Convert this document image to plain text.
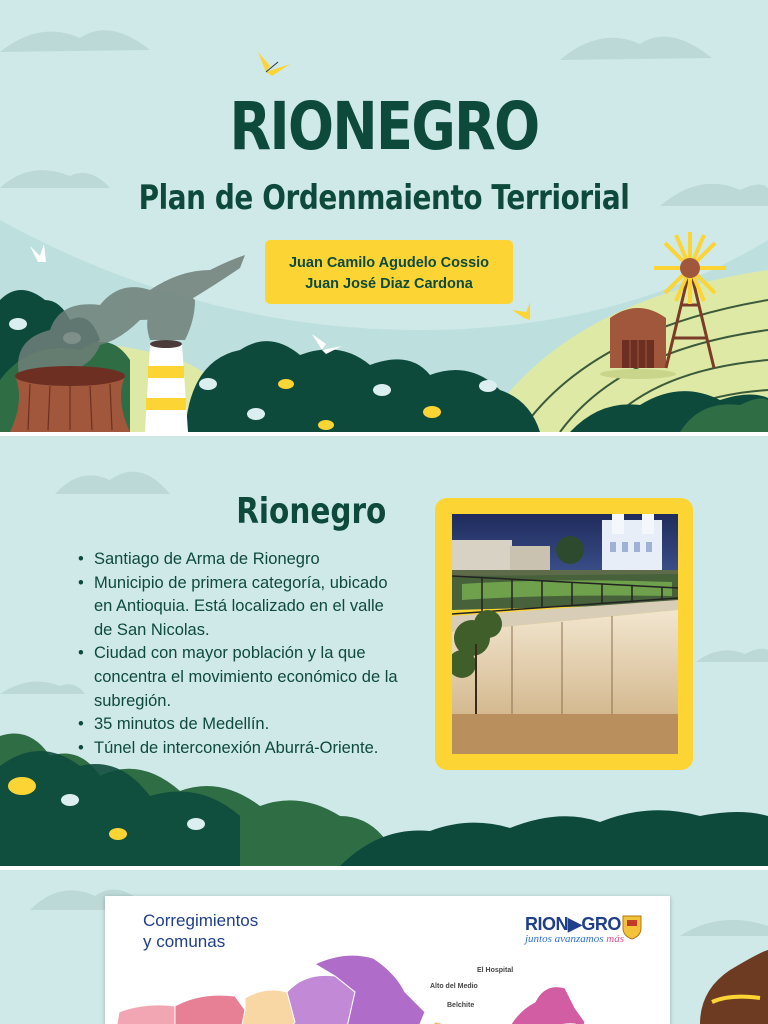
RIONEGRO
Plan de Ordenmaiento Terriorial
Juan Camilo Agudelo Cossio
Juan José Diaz Cardona
Rionegro
• Santiago de Arma de Rionegro
• Municipio de primera categoría, ubicado en Antioquia. Está localizado en el valle de San Nicolas.
• Ciudad con mayor población y la que concentra el movimiento económico de la subregión.
• 35 minutos de Medellín.
• Túnel de interconexión Aburrá-Oriente.
Corregimientos
y comunas
RION▶GRO
juntos avanzamos más
El Hospital
Alto del Medio
Belchite
